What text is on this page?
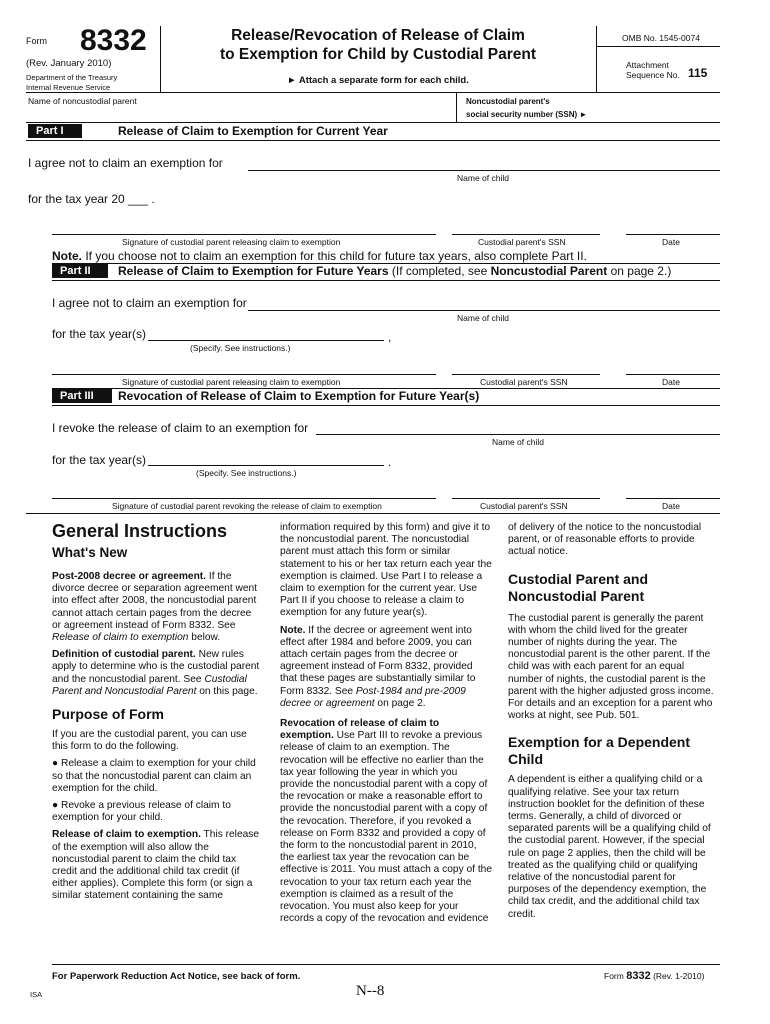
Form 8332
(Rev. January 2010)
Department of the Treasury
Internal Revenue Service
Release/Revocation of Release of Claim
to Exemption for Child by Custodial Parent
► Attach a separate form for each child.
OMB No. 1545-0074
Attachment
Sequence No. 115
Name of noncustodial parent	Noncustodial parent's
social security number (SSN) ►
Part I	Release of Claim to Exemption for Current Year
I agree not to claim an exemption for
Name of child
for the tax year 20 ___ .
Signature of custodial parent releasing claim to exemption	Custodial parent's SSN	Date
Note. If you choose not to claim an exemption for this child for future tax years, also complete Part II.
Part II	Release of Claim to Exemption for Future Years (If completed, see Noncustodial Parent on page 2.)
I agree not to claim an exemption for
Name of child
for the tax year(s)	,
(Specify. See instructions.)
Signature of custodial parent releasing claim to exemption	Custodial parent's SSN	Date
Part III	Revocation of Release of Claim to Exemption for Future Year(s)
I revoke the release of claim to an exemption for
Name of child
for the tax year(s)	.
(Specify. See instructions.)
Signature of custodial parent revoking the release of claim to exemption	Custodial parent's SSN	Date
General Instructions
What's New

Post-2008 decree or agreement. If the divorce decree or separation agreement went into effect after 2008, the noncustodial parent cannot attach certain pages from the decree or agreement instead of Form 8332. See Release of claim to exemption below.

Definition of custodial parent. New rules apply to determine who is the custodial parent and the noncustodial parent. See Custodial Parent and Noncustodial Parent on this page.

Purpose of Form

If you are the custodial parent, you can use this form to do the following.

● Release a claim to exemption for your child so that the noncustodial parent can claim an exemption for the child.

● Revoke a previous release of claim to exemption for your child.

Release of claim to exemption. This release of the exemption will also allow the noncustodial parent to claim the child tax credit and the additional child tax credit (if either applies). Complete this form (or sign a similar statement containing the same

information required by this form) and give it to the noncustodial parent. The noncustodial parent must attach this form or similar statement to his or her tax return each year the exemption is claimed. Use Part I to release a claim to exemption for the current year. Use Part II if you choose to release a claim to exemption for any future year(s).

Note. If the decree or agreement went into effect after 1984 and before 2009, you can attach certain pages from the decree or agreement instead of Form 8332, provided that these pages are substantially similar to Form 8332. See Post-1984 and pre-2009 decree or agreement on page 2.

Revocation of release of claim to exemption. Use Part III to revoke a previous release of claim to an exemption. The revocation will be effective no earlier than the tax year following the year in which you provide the noncustodial parent with a copy of the revocation or make a reasonable effort to provide the noncustodial parent with a copy of the revocation. Therefore, if you revoked a release on Form 8332 and provided a copy of the form to the noncustodial parent in 2010, the earliest tax year the revocation can be effective is 2011. You must attach a copy of the revocation to your tax return each year the exemption is claimed as a result of the revocation. You must also keep for your records a copy of the revocation and evidence

of delivery of the notice to the noncustodial parent, or of reasonable efforts to provide actual notice.

Custodial Parent and Noncustodial Parent

The custodial parent is generally the parent with whom the child lived for the greater number of nights during the year. The noncustodial parent is the other parent. If the child was with each parent for an equal number of nights, the custodial parent is the parent with the higher adjusted gross income. For details and an exception for a parent who works at night, see Pub. 501.

Exemption for a Dependent Child

A dependent is either a qualifying child or a qualifying relative. See your tax return instruction booklet for the definition of these terms. Generally, a child of divorced or separated parents will be a qualifying child of the custodial parent. However, if the special rule on page 2 applies, then the child will be treated as the qualifying child or qualifying relative of the noncustodial parent for purposes of the dependency exemption, the child tax credit, and the additional child tax credit.

For Paperwork Reduction Act Notice, see back of form.	Form 8332 (Rev. 1-2010)
ISA	N--8
